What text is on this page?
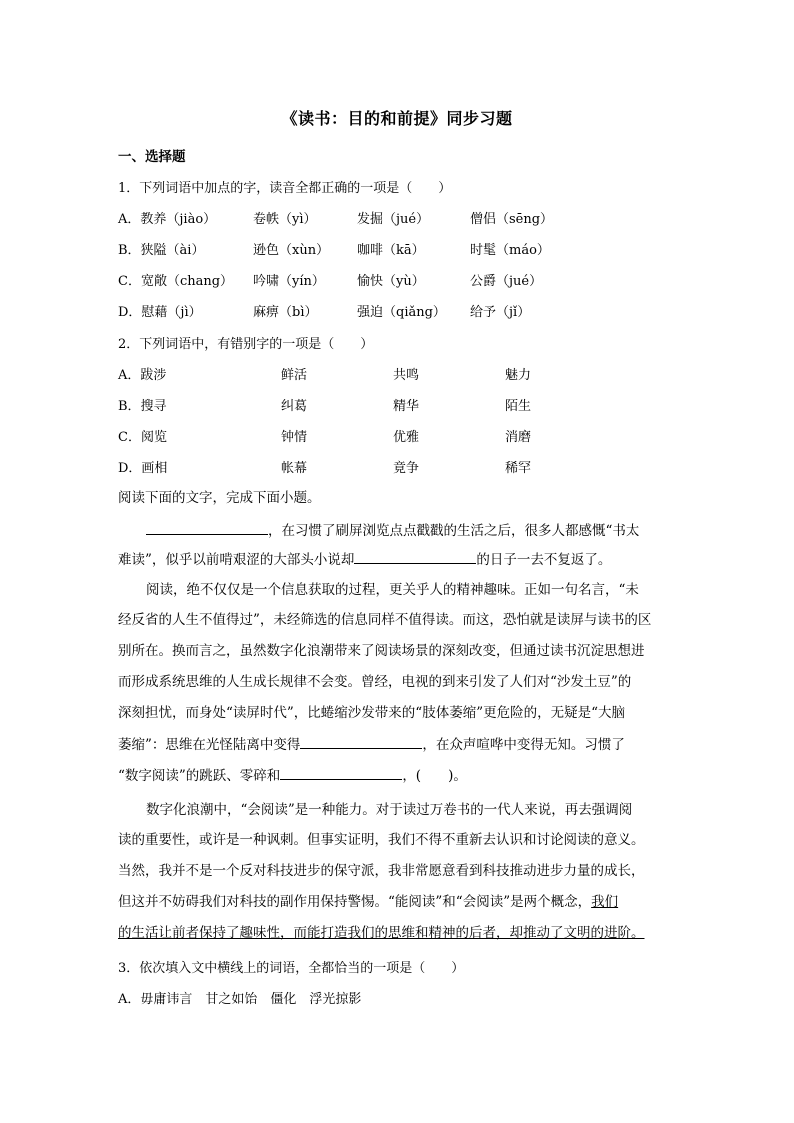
《读书：目的和前提》同步习题
一、选择题
1．下列词语中加点的字，读音全都正确的一项是（　　）
A．教养（jiào）	卷帙（yì）	发掘（jué）	僧侣（sēng）
B．狭隘（ài）	逊色（xùn） 咖啡（kā）	时髦（máo）
C．宽敞（chang） 吟啸（yín） 愉快（yù）	公爵（jué）
D．慰藉（jì）	麻痹（bì）	强迫（qiǎng） 给予（jǐ）
2．下列词语中，有错别字的一项是（　　）
A．跋涉	鲜活	共鸣	魅力
B．搜寻	纠葛	精华	陌生
C．阅览	钟情	优雅	消磨
D．画相	帐幕	竟争	稀罕
阅读下面的文字，完成下面小题。
，在习惯了刷屏浏览点点戳戳的生活之后，很多人都感慨“书太
难读”，似乎以前啃艰涩的大部头小说却	的日子一去不复返了。
阅读，绝不仅仅是一个信息获取的过程，更关乎人的精神趣味。正如一句名言，“未
经反省的人生不值得过”，未经筛选的信息同样不值得读。而这，恐怕就是读屏与读书的区
别所在。换而言之，虽然数字化浪潮带来了阅读场景的深刻改变，但通过读书沉淀思想进
而形成系统思维的人生成长规律不会变。曾经，电视的到来引发了人们对“沙发土豆”的
深刻担忧，而身处“读屏时代”，比蜷缩沙发带来的“肢体萎缩”更危险的，无疑是“大脑
萎缩”：思维在光怪陆离中变得	，在众声喧哗中变得无知。习惯了
“数字阅读”的跳跃、零碎和	，(　　)。
数字化浪潮中，“会阅读”是一种能力。对于读过万卷书的一代人来说，再去强调阅
读的重要性，或许是一种讽刺。但事实证明，我们不得不重新去认识和讨论阅读的意义。
当然，我并不是一个反对科技进步的保守派，我非常愿意看到科技推动进步力量的成长，
但这并不妨碍我们对科技的副作用保持警惕。“能阅读”和“会阅读”是两个概念，我们
的生活让前者保持了趣味性，而能打造我们的思维和精神的后者，却推动了文明的进阶。
3．依次填入文中横线上的词语，全都恰当的一项是（　　）
A．毋庸讳言　甘之如饴　僵化　浮光掠影
